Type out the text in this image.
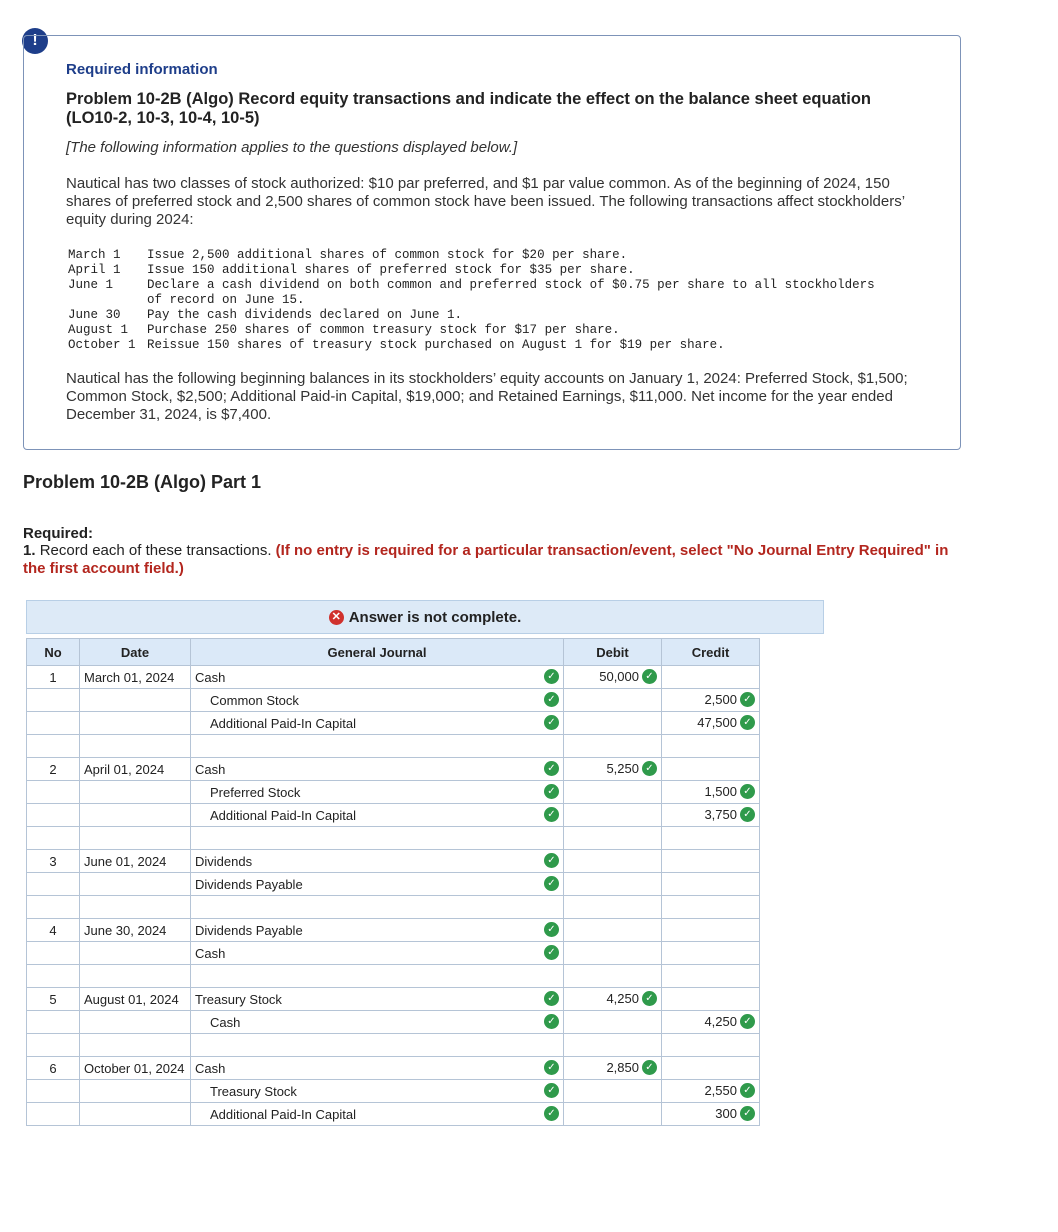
!
Required information
Problem 10-2B (Algo) Record equity transactions and indicate the effect on the balance sheet equation (LO10-2, 10-3, 10-4, 10-5)
[The following information applies to the questions displayed below.]
Nautical has two classes of stock authorized: $10 par preferred, and $1 par value common. As of the beginning of 2024, 150 shares of preferred stock and 2,500 shares of common stock have been issued. The following transactions affect stockholders’ equity during 2024:
March 1	Issue 2,500 additional shares of common stock for $20 per share.
April 1	Issue 150 additional shares of preferred stock for $35 per share.
June 1	Declare a cash dividend on both common and preferred stock of $0.75 per share to all stockholders
of record on June 15.
June 30	Pay the cash dividends declared on June 1.
August 1	Purchase 250 shares of common treasury stock for $17 per share.
October 1	Reissue 150 shares of treasury stock purchased on August 1 for $19 per share.
Nautical has the following beginning balances in its stockholders’ equity accounts on January 1, 2024: Preferred Stock, $1,500; Common Stock, $2,500; Additional Paid-in Capital, $19,000; and Retained Earnings, $11,000. Net income for the year ended December 31, 2024, is $7,400.
Problem 10-2B (Algo) Part 1
Required:
1. Record each of these transactions. (If no entry is required for a particular transaction/event, select "No Journal Entry Required" in the first account field.)
✕ Answer is not complete.
No	Date	General Journal	Debit	Credit
1	March 01, 2024	Cash ✓	50,000 ✓	
		Common Stock ✓		2,500 ✓
		Additional Paid-In Capital ✓		47,500 ✓

2	April 01, 2024	Cash ✓	5,250 ✓	
		Preferred Stock ✓		1,500 ✓
		Additional Paid-In Capital ✓		3,750 ✓

3	June 01, 2024	Dividends ✓		

		Dividends Payable ✓		

4	June 30, 2024	Dividends Payable ✓		

		Cash ✓		

5	August 01, 2024	Treasury Stock ✓	4,250 ✓	
		Cash ✓		4,250 ✓

6	October 01, 2024	Cash ✓	2,850 ✓	
		Treasury Stock ✓		2,550 ✓
		Additional Paid-In Capital ✓		300 ✓
